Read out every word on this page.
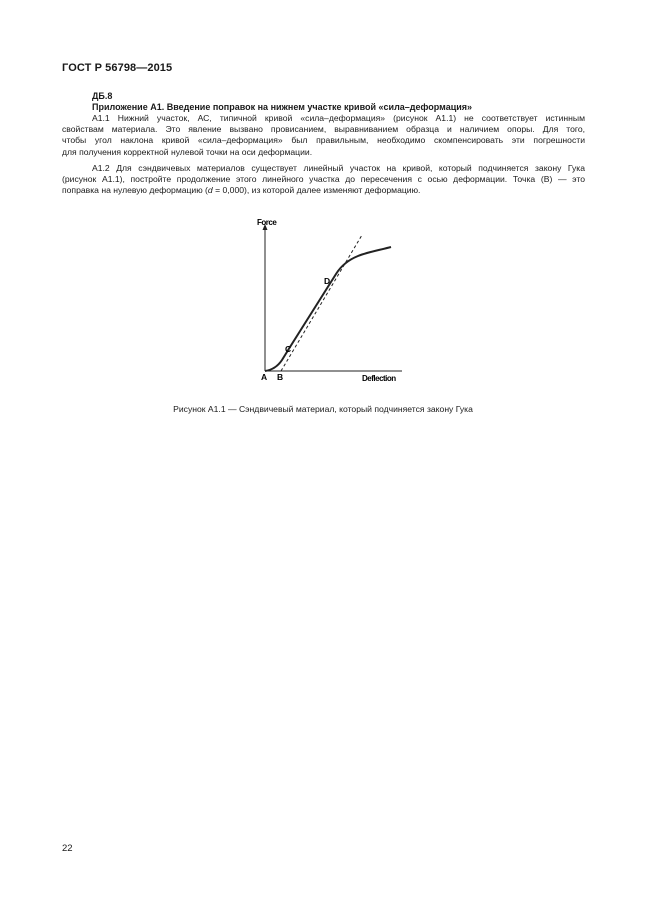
ГОСТ Р 56798—2015
ДБ.8
Приложение А1. Введение поправок на нижнем участке кривой «сила–деформация»

А1.1 Нижний участок, АС, типичной кривой «сила–деформация» (рисунок А1.1) не соответствует истинным
свойствам материала. Это явление вызвано провисанием, выравниванием образца и наличием опоры. Для того,
чтобы угол наклона кривой «сила–деформация» был правильным, необходимо скомпенсировать эти погрешности
для получения корректной нулевой точки на оси деформации.

А1.2 Для сэндвичевых материалов существует линейный участок на кривой, который подчиняется закону Гука
(рисунок А1.1), постройте продолжение этого линейного участка до пересечения с осью деформации. Точка (В) — это
поправка на нулевую деформацию (d = 0,000), из которой далее изменяют деформацию.

Force
Deflection
A B
C
D
Рисунок А1.1 — Сэндвичевый материал, который подчиняется закону Гука
22
